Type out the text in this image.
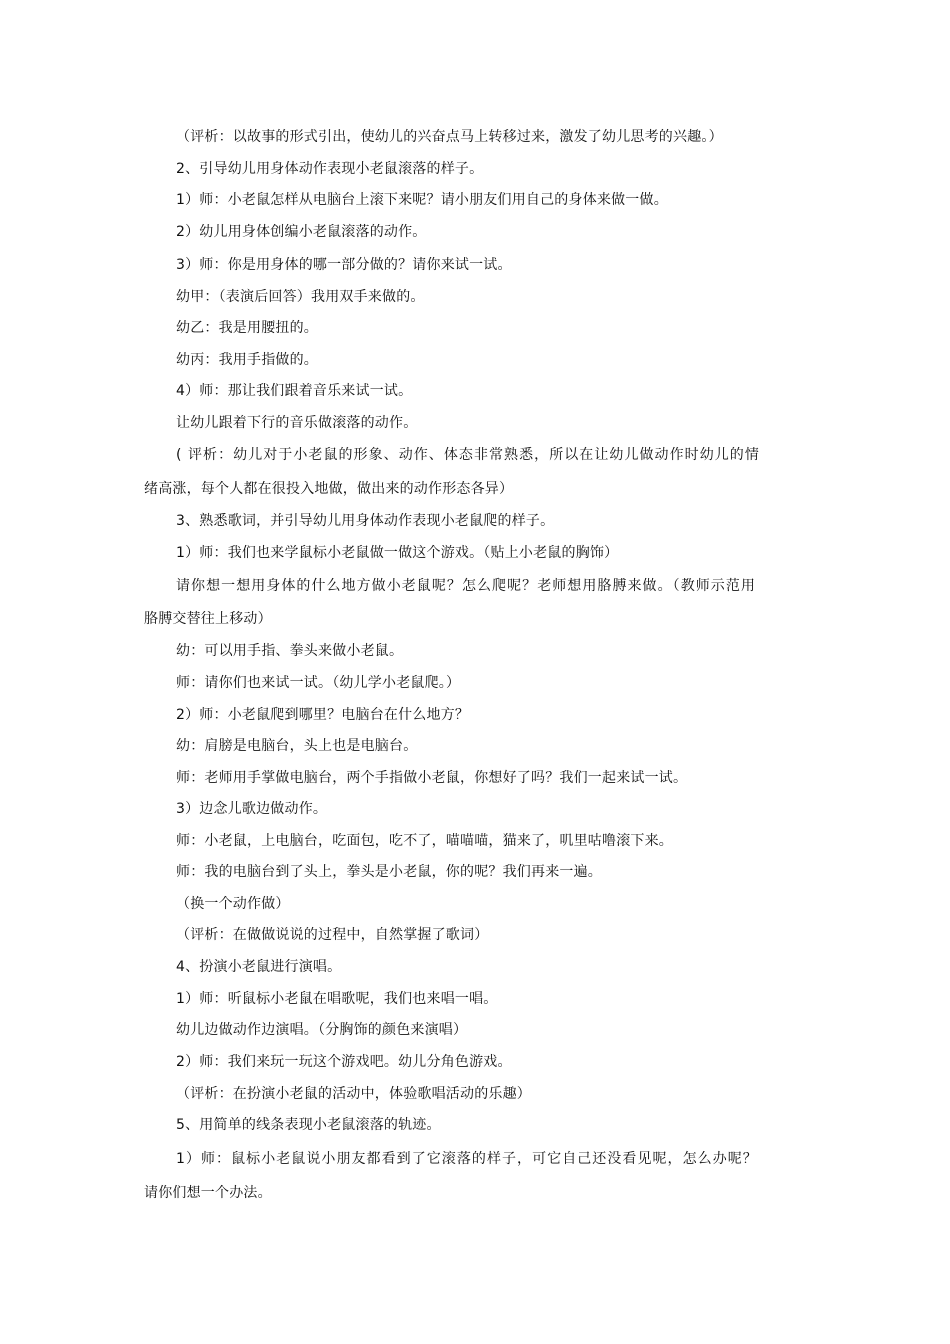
（评析：以故事的形式引出，使幼儿的兴奋点马上转移过来，激发了幼儿思考的兴趣。）
2、引导幼儿用身体动作表现小老鼠滚落的样子。
1）师：小老鼠怎样从电脑台上滚下来呢？请小朋友们用自己的身体来做一做。
2）幼儿用身体创编小老鼠滚落的动作。
3）师：你是用身体的哪一部分做的？请你来试一试。
幼甲：（表演后回答）我用双手来做的。
幼乙：我是用腰扭的。
幼丙：我用手指做的。
4）师：那让我们跟着音乐来试一试。
让幼儿跟着下行的音乐做滚落的动作。
( 评析：幼儿对于小老鼠的形象、动作、体态非常熟悉，所以在让幼儿做动作时幼儿的情
绪高涨，每个人都在很投入地做，做出来的动作形态各异）
3、熟悉歌词，并引导幼儿用身体动作表现小老鼠爬的样子。
1）师：我们也来学鼠标小老鼠做一做这个游戏。（贴上小老鼠的胸饰）
请你想一想用身体的什么地方做小老鼠呢？怎么爬呢？老师想用胳膊来做。（教师示范用
胳膊交替往上移动）
幼：可以用手指、拳头来做小老鼠。
师：请你们也来试一试。（幼儿学小老鼠爬。）
2）师：小老鼠爬到哪里？电脑台在什么地方？
幼：肩膀是电脑台，头上也是电脑台。
师：老师用手掌做电脑台，两个手指做小老鼠，你想好了吗？我们一起来试一试。
3）边念儿歌边做动作。
师：小老鼠，上电脑台，吃面包，吃不了，喵喵喵，猫来了，叽里咕噜滚下来。
师：我的电脑台到了头上，拳头是小老鼠，你的呢？我们再来一遍。
（换一个动作做）
（评析：在做做说说的过程中，自然掌握了歌词）
4、扮演小老鼠进行演唱。
1）师：听鼠标小老鼠在唱歌呢，我们也来唱一唱。
幼儿边做动作边演唱。（分胸饰的颜色来演唱）
2）师：我们来玩一玩这个游戏吧。幼儿分角色游戏。
（评析：在扮演小老鼠的活动中，体验歌唱活动的乐趣）
5、用简单的线条表现小老鼠滚落的轨迹。
1）师：鼠标小老鼠说小朋友都看到了它滚落的样子，可它自己还没看见呢，怎么办呢？
请你们想一个办法。
